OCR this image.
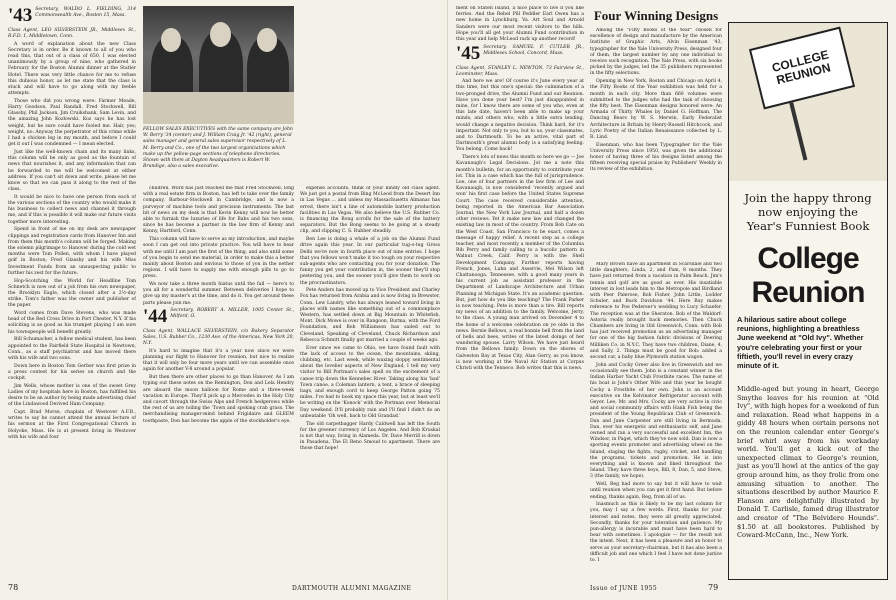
'43 Secretary, WALDO L. FIELDING, 314 Commonwealth Ave., Boston 15, Mass.

Class Agent, LEO SILVERSTEIN JR., Middlesex St., R.F.D. 1, Middletown, Conn.

A word of explanation about the new Class Secretary is in order. Be it known to all of you who read this, that out of a class of 650, I was elected unanimously by a group of nine, who gathered in February for the Boston Alumni dinner at the Statler Hotel. There was very little chance for me to refuse this dubious honor, as let me state that the class is stuck and will have to go along with my feeble attempts.

Those who did you wrong were: Farmer Meade, Harry Goodson, Paul Randall, Fred Stockwell, Bill Glassby, Phil Jackson, Jim Cruikshank, Sam Levin, and the amazing John Kozlowski. Koz says he has lost weight, but he sure could have fooled me. Hair, yes; weight, no. Anyway the perpetrator of this crime while I had a chicken leg in my mouth, and before I could get it out I was condemned — I mean elected.

Just like the well-known chain and its many links, this column will be only as good as the fountain of news that nourishes it, and any information that can be forwarded to me will be welcomed at either address. If you can't sit down and write, please let me know so that we can pass it along to the rest of the class.

It would be nice to have one person from each of the various sections of the country who would make it his business to collect news and channel it through me, and if this is possible it will make our future visits together more interesting.

Spend in front of me on my desk are newspaper clippings and registration cards from Hanover Inn and from them this month's column will be forged. Making the solemn pilgrimage to Hanover during the cold wet months were Tom Pollen, with whom I have played golf in Boston; Fred Glassby and his wife Miss Investment Funds from an unsuspecting public to further his zest for the future.

Hop-Scotching the World for Headline Tom Schnetch is now out of a job from his own newspaper, the Brooklyn Eagle, which closed after a 2½-day strike. Tom's father was the owner and publisher of the paper.

Word comes from Dave Stevens, who was made head of the Red Cross Drive in Port Chester, N.Y. If his soliciting is as good as his trumpet playing I am sure his townspeople will benefit greatly.

Bill Schumacher, a fellow medical student, has been appointed to the Fairfield State Hospital in Newtown, Conn., as a staff psychiatrist and has moved there with his wife and two sons.

Down here in Boston Tom Gerber was first prize in a press contest for his series on church and the cockpit.

Jim Wells, whose mother is one of the sweet Grey Ladies of my hospitals here in Boston, has fulfilled his desire to be an author by being made advertising chief of the Lindawood Derived Ham Company.

Capt. Brad Morse, chaplain of Westover A.F.B., writes to say he cannot attend the annual lecture of his sermon at the First Congregational Church in Holyoke, Mass. He is at present living in Westover with his wife and four

FELLOW SALES EXECUTIVES with the same company are John W. Berry '34 (center) and J. William Craig Jr. '42 (right), general sales manager and general sales supervisor respectively of L. M. Berry and Co., one of the two largest organizations which make up the yellow-page sections of telephone directories. Shown with them at Dayton headquarters is Robert W. Brundige, also a sales executive.

children. Word has just reached me that Fred Stockwell, long with a real estate firm in Boston, has left to take over the family company, Barbour-Stockwell in Cambridge, and is now a purveyor of machine tools and precision instruments. The last bit of news on my desk is that Kevin Kenny will now be better able to furnish the luxuries of life for Babs and his two sons, since he has become a partner in the law firm of Kenny and Kenny, Hartford, Conn.

This column will have to serve as my introduction, and maybe soon I can get out into private practice. You will have to bear with me until I am past the first of the thing, and also until some of you begin to send me material, in order to make this a better mainly about Boston and envious to those of you in the nether regions. I will have to supply me with enough pills to go to press.

We now take a three month hiatus until the fall — here's to you all for a wonderful summer. Between deliveries I hope to give up my master's at the time, and do it. You get around these parts please join me.

'44 Secretary, ROBERT A. MILLER, 1005 Center St., Milford, O.

Class Agent, WALLACE SILVERSTEIN, c/o Bakery Separator Sales, U.S. Rubber Co., 1230 Ave. of the Americas, New York 20, N.Y.

It's hard to imagine that it's a year now since we were planning our flight to Hanover for reunion, but nice to realize that it will only be four more years until we can assemble once again for another V-8 around a popular.

But then there are other places to go than Hanover. As I am typing out these notes on the Remington, Don and Lela Hendry are aboard the moon balloon for Rome and a three-week vacation in Europe. They'll pick up a Mercedes in the Holy City and cavort through the Swiss Alps and French hedgerows while the rest of us are toiling the 'Town and spoking crab grass. The merchandising manager-mind behind Frigidaire and GLEEM toothpaste, Don has become the apple of the stockholder's eye.

expense accounts, think of your kindly old class agent. We just got a postal from Bing McLeod from the Desert Inn in Las Vegas ... and unless my Massachusetts Almanac has erred, there isn't a line of automobile battery production facilities in Las Vegas. We also believe the U.S. Rubber Co. is financing the Bong scrolls for the sale of the battery separators. But the Bong seems to be going at a steady clip, and clipping C. S. Rubber steadily.

Ben Lee is doing a whale of a job on the Alumni Fund drive again this year. In our particular tug-o-tug Gross Delhi we're now in fourth place out of nine entries. I hope that you fellows won't make it too tough on your respective sub-agents who are contacting you for your donation. The funny you get your contribution in, the sooner they'll stop pestering you, and the sooner you'll give them to work on the procrastinators.

Pete Anders has moved up to Vice President and Charley Fox has returned from Arabia and is now living in Brewster, Conn. Lew Landry, who has always leaned toward living in places with names like something out of a commonplace Western, has settled down at Big Mountain in Whitefish, Mont. Dick Mowe is over in Rangoon, Burma, with the Ford Foundation, and Bob Williamson has sailed out to Cleveland, Speaking of Cleveland, Chuck Richardson and Rebecca Schmitt finally got married a couple of weeks ago.

Ever since we came to Ohio, we have found fault with the lack of access to the ocean, the mountains, skiing, clubbing, etc. Last week, while waxing sloppy sentimental about the lovelier aspects of New England, I tell my very visitor to Bill Portman's sales spell on the excitement of a canoe trip down the Kennebec River. Taking along his 'bad' Town canoe, a Coleman lantern, a tent, a brace of sleeping bags, and enough cord to keep George Patton going 75 miles. I've had to book my space this year, but at least we'll be writing on the 'Konock' with the Portman over Memorial Day weekend. It'll probably rain and I'll find I didn't do an unbeatable 'Oh well, back to Old Grandad.'

The old carpetbagger Hardy Caldwell has left the South for the greener currency of Los Angeles. And Bob Kruskal is not that way, living in Alameda. Dr. Dave Merrill is down in Pasadena. The El Reno Smoud to apartment. There are those that hope!

78	DARTMOUTH ALUMNI MAGAZINE

ment on Staten Island, a nice place to live if you like ferries. And the Rebel Pill Peddler Earl Owen has a new home in Lynchburg, Va. Art Soul and Arnold Sanders were our most recent visitors to the hills. Hope you'll all get your Alumni Fund contribution in this year and help McLeod rack up another record!

'45 Secretary, SAMUEL F. CUTLER JR., Middlesex School, Concord, Mass.

Class Agent, STANLEY L. NEWTON, 73 Fairview St., Leominster, Mass.

And here we are! Of course it's June every year at this time, but this one's special: the culmination of a two-pronged drive, the Alumni Fund and our Reunion. Have you done your best? I'm just disappointed in mine, for I know there are some of you who, even at this late date, haven't been able to make up your minds, and others who, with a little extra lending, would change a negative decision. Think hard, for it's important. Not only to you, but to us, your classmates, and to Dartmouth. To be an active, vital part of Dartmouth's great alumni body is a satisfying feeling. You belong. Come back!

There's lots of news this month so here we go — Joe Kavanaugh's Legal Decisions. Jot me a note this month's bulletin, for an opportunity to contribute your lot. This in a case which has the full of jurisprudence. Lee, one of four partners in the law firm of Lee and Kavanaugh, is now considered 'recently argued and won' his first case before the United States Supreme Court. The case received considerable attention, being reported in the American Bar Association Journal, the New York Law Journal, and half a dozen other reviews. Yet it make new law and changed the existing law in most of the country. From Bob Cate on the West Coast, San Francisco to be exact, comes a message of happy relief. A recent step as a college teacher, and most recently a member of the Columbia Bib Perry and family calling to a bucolic pattern in Walnut Creek, Calif. Perry is with the Shell Development Company. Further reports having French, Jones, Lahn and Asserrie, Mel Wilson left Chattanooga, Tennessee, with a good many years in his current job as assistant professor in the Department of Landscape Architecture and Urban Planning at Michigan State. It's an academic question. But, just how do you like teaching? The Frank Parker is now teaching. Pete is more than a tire. Bill reports my news of an addition to the family. Welcome, Jerry, to the class. A young man arrived on December 4 to the home of a welcome celebration on ye olde in the news. Bernie Bellows, a real bonnie bell from the land of bells and bees, writes of the latest doings of her wandering spouse. Larry Wilson. We have just heard from the Bellows family. Down on the shores of Galveston Bay at Texas City, Alan Gerry, as you know, is now working at the Naval Air Station at Corpus Christi with the Tenneco. Bob writes that this is news.

Four Winning Designs

Among the "Fifty Books of the Year" chosen for excellence of design and manufacture by the American Institute of Graphic Arts, Alvin Eisenman '43, typographer for the Yale University Press, designed four of them, the largest number by any one individual to receive such recognition. The Yale Press, with six books picked by the judges, led the 35 publishers represented in the fifty selections.

Opening in New York, Boston and Chicago on April 4, the Fifty Books of the Year exhibition was held for a month in each city. More than 660 volumes were submitted to the judges who had the task of choosing the fifty best. The Eisenman designs honored were: An Armada of Thirty Whales by Daniel G. Hoffman, The Dancing Bears by W. S. Merwin, Early Federalist Architecture in Britain by Henry-Russell Hitchcock, and Lyric Poetry of the Italian Renaissance collected by L. R. Lind.

Eisenman, who has been Typographer for the Yale University Press since 1950, was given the additional honor of having three of his designs listed among the fifteen receiving special praise by Publishers' Weekly in its review of the exhibition.

Mary Brown have an apartment in Scarsdale and two little daughters, Linda, 2, and Pam, 8 months. They have just returned from a vacation in Palm Beach. Jim's tennis and golf are as good as ever. His insatiable interest in lost leads him to the Metropole and Birdland with Peer Palerose, Bob Fisher, John Little, Lodder Schuler, and Buck Davidson '44. Here Buy makes reference to Poe Pederser's wedding to Lucy Schaefer. The reception was at the Sheraton. Bob of the Waldorf-Astoria really brought back memories. Then Chuck Chambers are living in Old Greenwich, Conn. with Bob has just received promotion as an advertising manager for one of the big fashion fabric divisions of Deering Milliken Co. in N.Y.C. They have two children, Diane, 4, and Sally, 2. Things must be good for Bob: added a second car, a baby blue Plymouth station wagon.

John and Cocky Greer also live in Greenwich and we occasionally see them. John is a constant winner in the Indian Harbor Yacht Club Frostbite races. The name of his boat is John's Other Wife and this year he bought Cocky a Frostbite of her own. John is an account executive on the Kelvinator Refrigerator account with Geyer. Lee, Mr. and Mrs. Cocky are very active in civic and social community affairs with Hank Fish being the president of the Young Republican Club of Greenwich. Dan and Jane Carpenter are still living in Bermuda. Dan, ever his energetic and enthusiastic self, and Jane owned and ran a very successful and excellent Inn, the Windsor, in Paget, which they've now sold. Dan is now a sporting events promoter and advertising wheel on the Island, staging the fights, rugby, cricket, and handling the programs, tickets and promotion. He is into everything and is known and liked throughout the Island. They have three boys, Bill, 8, Dan, 5, and Steve, 3 (the family, we hope).

Well, Reg had more to say but it will have to wait until reunion when you can get it first hand. But before ending, thanks again, Reg, from all of us.

Inasmuch as this is likely to be my last column for you, may I say a few words. First, thanks for your interest and notes, they were all greatly appreciated. Secondly, thanks for your toleration and patience. My pun-allergy is incurable and must have been hard to bear with sometimes. I apologize — for the result not the intent. Next, it has been a pleasure and an honor to serve as your secretary-chairman, but it has also been a difficult job and one which I feel I have not done justice to. I

Issue of JUNE 1955	79
COLLEGE REUNION
Join the happy throng
now enjoying the
Year's Funniest Book
College
Reunion
A hilarious satire about college reunions, highlighting a breathless June weekend at "Old Ivy". Whether you're celebrating your first or your fiftieth, you'll revel in every crazy minute of it.
Middle-aged but young in heart, George Smythe leaves for his reunion at "Old Ivy", with high hopes for a weekend of fun and relaxation. Read what happens in a giddy 48 hours when certain persons not on the reunion calendar enter George's brief whirl away from his workaday world. You'll get a kick out of the unexpected climax to George's reunion, just as you'll howl at the antics of the gay group around him, as they frolic from one amusing situation to another. The situations described by author Maurice F. Flanson are delightfully illustrated by Donald T. Carlisle, famed drug illustrator and creator of "The Belvidere Hounds". $1.50 at all bookstores. Published by Coward-McCann, Inc., New York.
